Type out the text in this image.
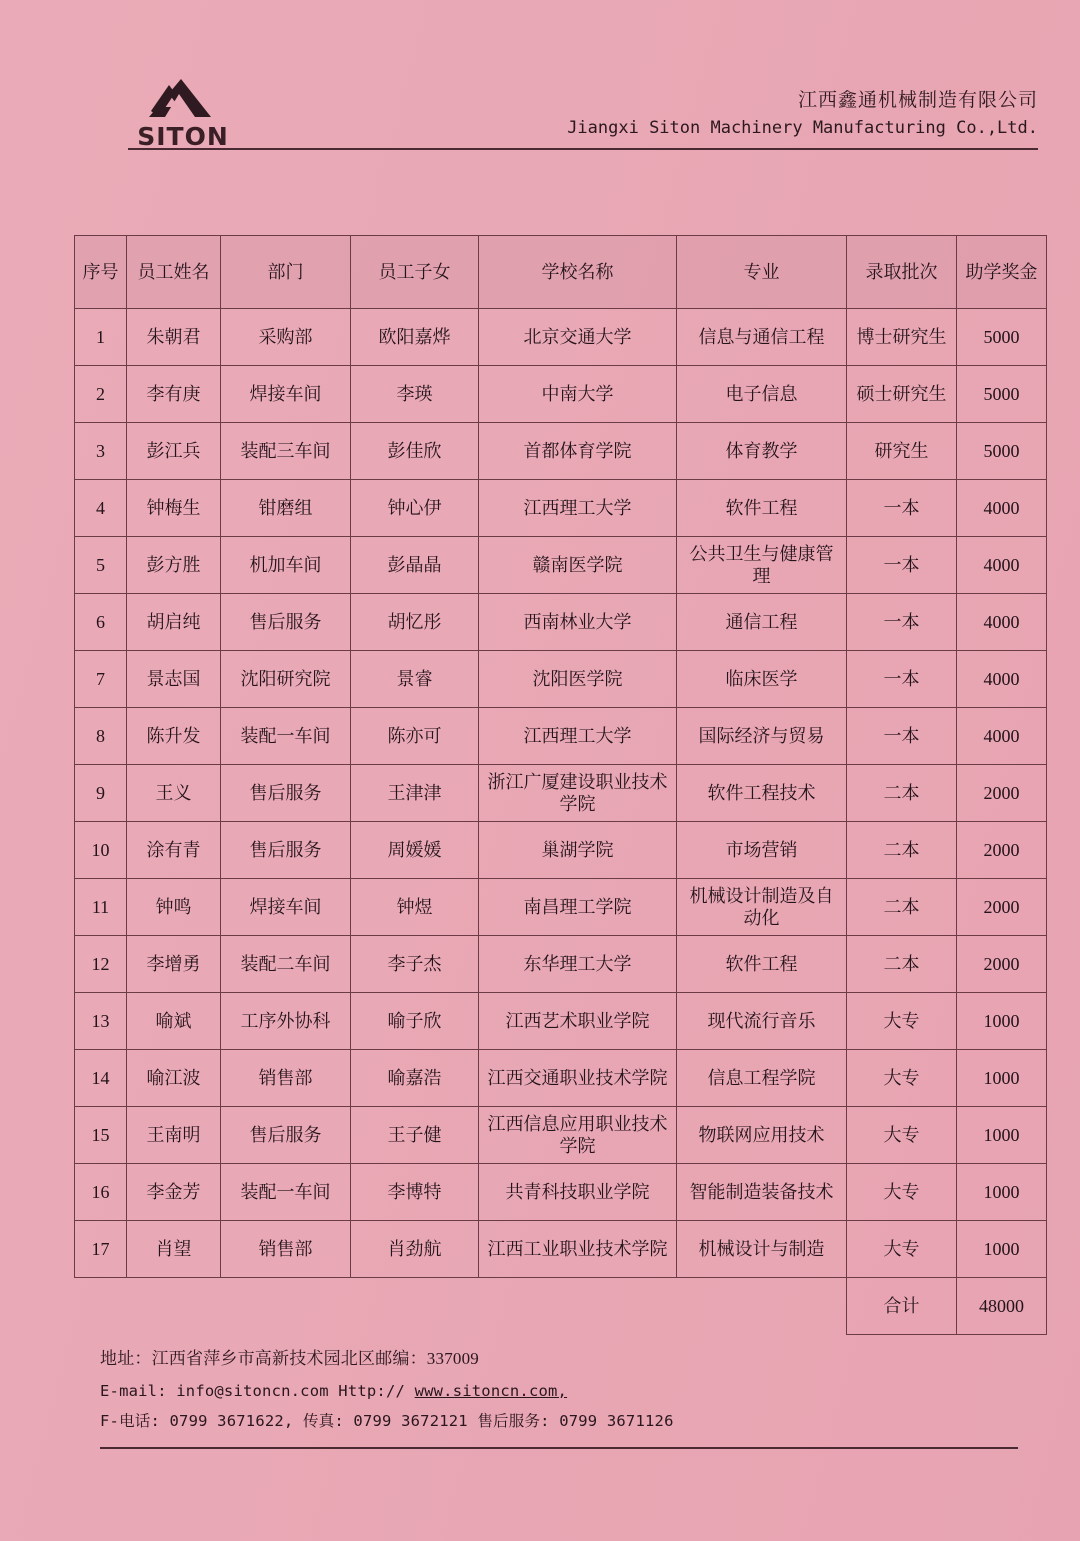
SITON
江西鑫通机械制造有限公司
Jiangxi Siton Machinery Manufacturing Co.,Ltd.
序号	员工姓名	部门	员工子女	学校名称	专业	录取批次	助学奖金
1	朱朝君	采购部	欧阳嘉烨	北京交通大学	信息与通信工程	博士研究生	5000
2	李有庚	焊接车间	李瑛	中南大学	电子信息	硕士研究生	5000
3	彭江兵	装配三车间	彭佳欣	首都体育学院	体育教学	研究生	5000
4	钟梅生	钳磨组	钟心伊	江西理工大学	软件工程	一本	4000
5	彭方胜	机加车间	彭晶晶	赣南医学院	公共卫生与健康管理	一本	4000
6	胡启纯	售后服务	胡忆彤	西南林业大学	通信工程	一本	4000
7	景志国	沈阳研究院	景睿	沈阳医学院	临床医学	一本	4000
8	陈升发	装配一车间	陈亦可	江西理工大学	国际经济与贸易	一本	4000
9	王义	售后服务	王津津	浙江广厦建设职业技术学院	软件工程技术	二本	2000
10	涂有青	售后服务	周媛媛	巢湖学院	市场营销	二本	2000
11	钟鸣	焊接车间	钟煜	南昌理工学院	机械设计制造及自动化	二本	2000
12	李增勇	装配二车间	李子杰	东华理工大学	软件工程	二本	2000
13	喻斌	工序外协科	喻子欣	江西艺术职业学院	现代流行音乐	大专	1000
14	喻江波	销售部	喻嘉浩	江西交通职业技术学院	信息工程学院	大专	1000
15	王南明	售后服务	王子健	江西信息应用职业技术学院	物联网应用技术	大专	1000
16	李金芳	装配一车间	李博特	共青科技职业学院	智能制造装备技术	大专	1000
17	肖望	销售部	肖劲航	江西工业职业技术学院	机械设计与制造	大专	1000
						合计	48000
地址：江西省萍乡市高新技术园北区邮编：337009
E-mail: info@sitoncn.com Http:// www.sitoncn.com,
F-电话: 0799 3671622, 传真: 0799 3672121 售后服务: 0799 3671126
